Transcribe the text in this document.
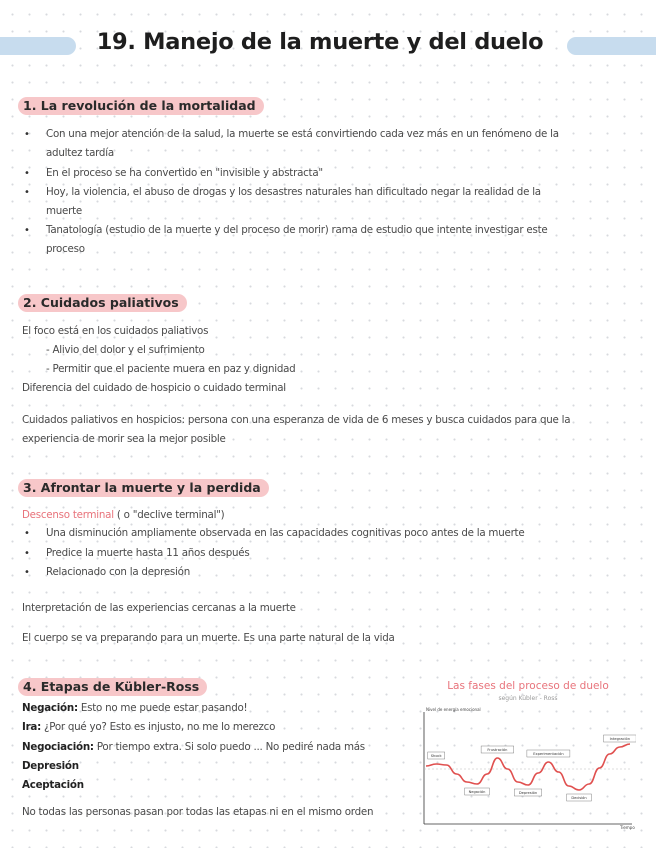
19. Manejo de la muerte y del duelo
1. La revolución de la mortalidad
• Con una mejor atención de la salud, la muerte se está convirtiendo cada vez más en un fenómeno de la
adultez tardía
• En el proceso se ha convertido en "invisible y abstracta"
• Hoy, la violencia, el abuso de drogas y los desastres naturales han dificultado negar la realidad de la
muerte
• Tanatología (estudio de la muerte y del proceso de morir) rama de estudio que intente investigar este
proceso
2. Cuidados paliativos
El foco está en los cuidados paliativos
- Alivio del dolor y el sufrimiento
- Permitir que el paciente muera en paz y dignidad
Diferencia del cuidado de hospicio o cuidado terminal
Cuidados paliativos en hospicios: persona con una esperanza de vida de 6 meses y busca cuidados para que la
experiencia de morir sea la mejor posible
3. Afrontar la muerte y la perdida
Descenso terminal ( o "declive terminal")
• Una disminución ampliamente observada en las capacidades cognitivas poco antes de la muerte
• Predice la muerte hasta 11 años después
• Relacionado con la depresión
Interpretación de las experiencias cercanas a la muerte
El cuerpo se va preparando para un muerte. Es una parte natural de la vida
4. Etapas de Kübler-Ross
Negación: Esto no me puede estar pasando!
Ira: ¿Por qué yo? Esto es injusto, no me lo merezco
Negociación: Por tiempo extra. Si solo puedo ... No pediré nada más
Depresión
Aceptación
No todas las personas pasan por todas las etapas ni en el mismo orden
Las fases del proceso de duelo
según Kübler - Ross
Nivel de energía emocional
Tiempo
Shock
Negación
Frustración
Depresión
Experimentación
Decisión
Integración
